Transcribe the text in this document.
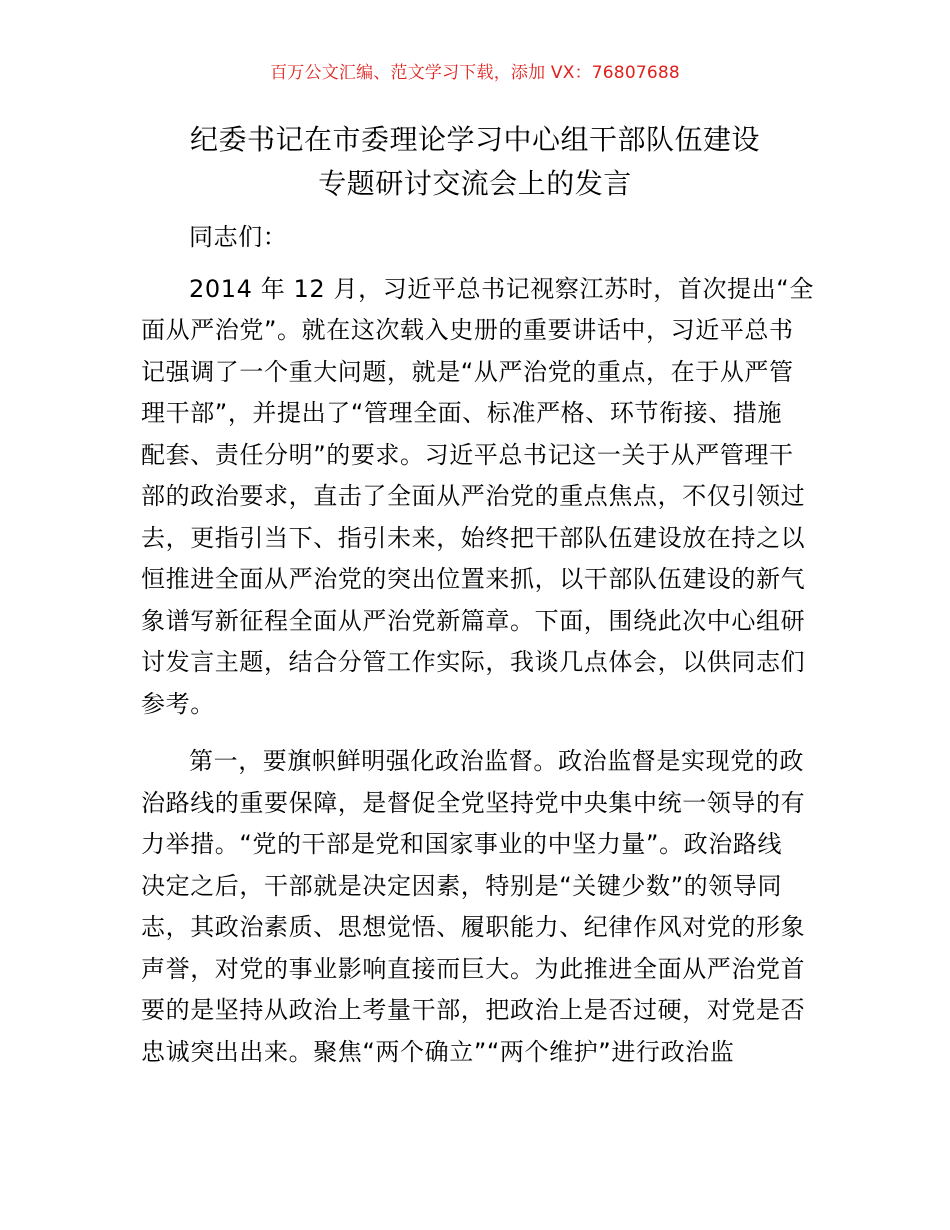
百万公文汇编、范文学习下载，添加 VX：76807688
纪委书记在市委理论学习中心组干部队伍建设
专题研讨交流会上的发言
同志们：
2014 年 12 月，习近平总书记视察江苏时，首次提出“全
面从严治党”。就在这次载入史册的重要讲话中，习近平总书
记强调了一个重大问题，就是“从严治党的重点，在于从严管
理干部”，并提出了“管理全面、标准严格、环节衔接、措施
配套、责任分明”的要求。习近平总书记这一关于从严管理干
部的政治要求，直击了全面从严治党的重点焦点，不仅引领过
去，更指引当下、指引未来，始终把干部队伍建设放在持之以
恒推进全面从严治党的突出位置来抓，以干部队伍建设的新气
象谱写新征程全面从严治党新篇章。下面，围绕此次中心组研
讨发言主题，结合分管工作实际，我谈几点体会，以供同志们
参考。
第一，要旗帜鲜明强化政治监督。政治监督是实现党的政
治路线的重要保障，是督促全党坚持党中央集中统一领导的有
力举措。“党的干部是党和国家事业的中坚力量”。政治路线
决定之后，干部就是决定因素，特别是“关键少数”的领导同
志，其政治素质、思想觉悟、履职能力、纪律作风对党的形象
声誉，对党的事业影响直接而巨大。为此推进全面从严治党首
要的是坚持从政治上考量干部，把政治上是否过硬，对党是否
忠诚突出出来。聚焦“两个确立”“两个维护”进行政治监
